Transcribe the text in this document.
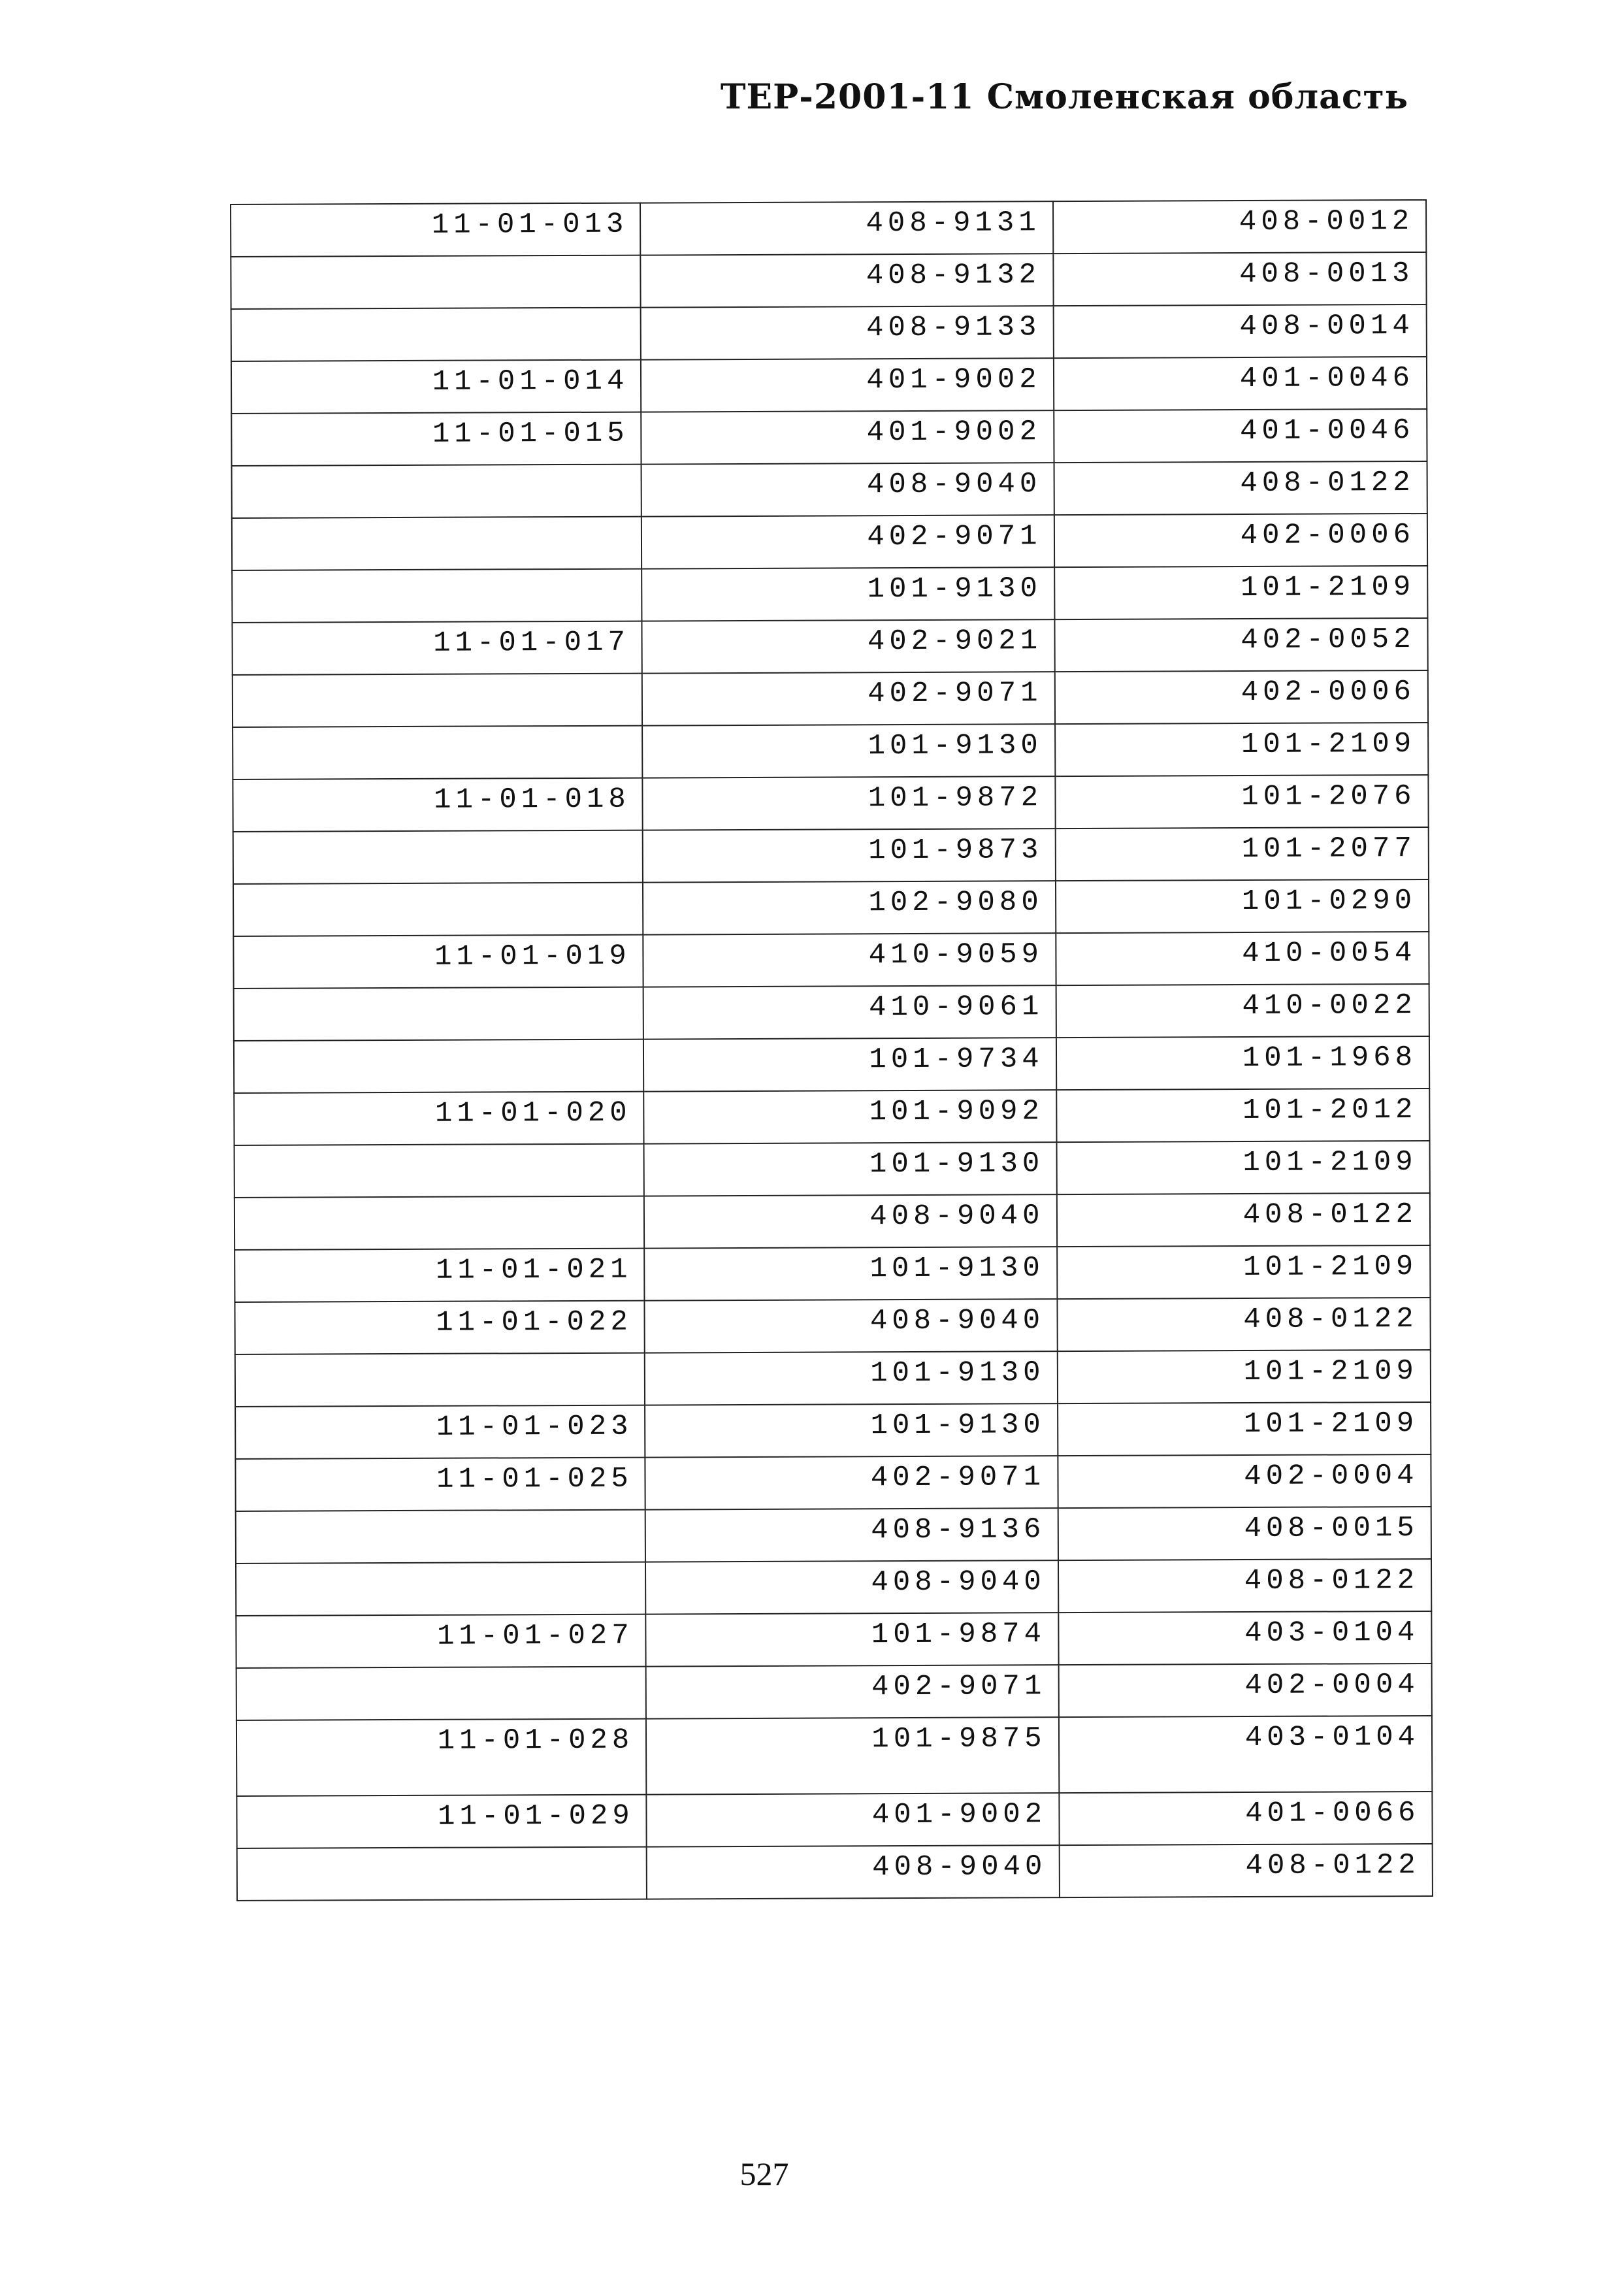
ТЕР-2001-11 Смоленская область
11-01-013	408-9131	408-0012
	408-9132	408-0013
	408-9133	408-0014
11-01-014	401-9002	401-0046
11-01-015	401-9002	401-0046
	408-9040	408-0122
	402-9071	402-0006
	101-9130	101-2109
11-01-017	402-9021	402-0052
	402-9071	402-0006
	101-9130	101-2109
11-01-018	101-9872	101-2076
	101-9873	101-2077
	102-9080	101-0290
11-01-019	410-9059	410-0054
	410-9061	410-0022
	101-9734	101-1968
11-01-020	101-9092	101-2012
	101-9130	101-2109
	408-9040	408-0122
11-01-021	101-9130	101-2109
11-01-022	408-9040	408-0122
	101-9130	101-2109
11-01-023	101-9130	101-2109
11-01-025	402-9071	402-0004
	408-9136	408-0015
	408-9040	408-0122
11-01-027	101-9874	403-0104
	402-9071	402-0004
11-01-028	101-9875	403-0104
11-01-029	401-9002	401-0066
	408-9040	408-0122
527
